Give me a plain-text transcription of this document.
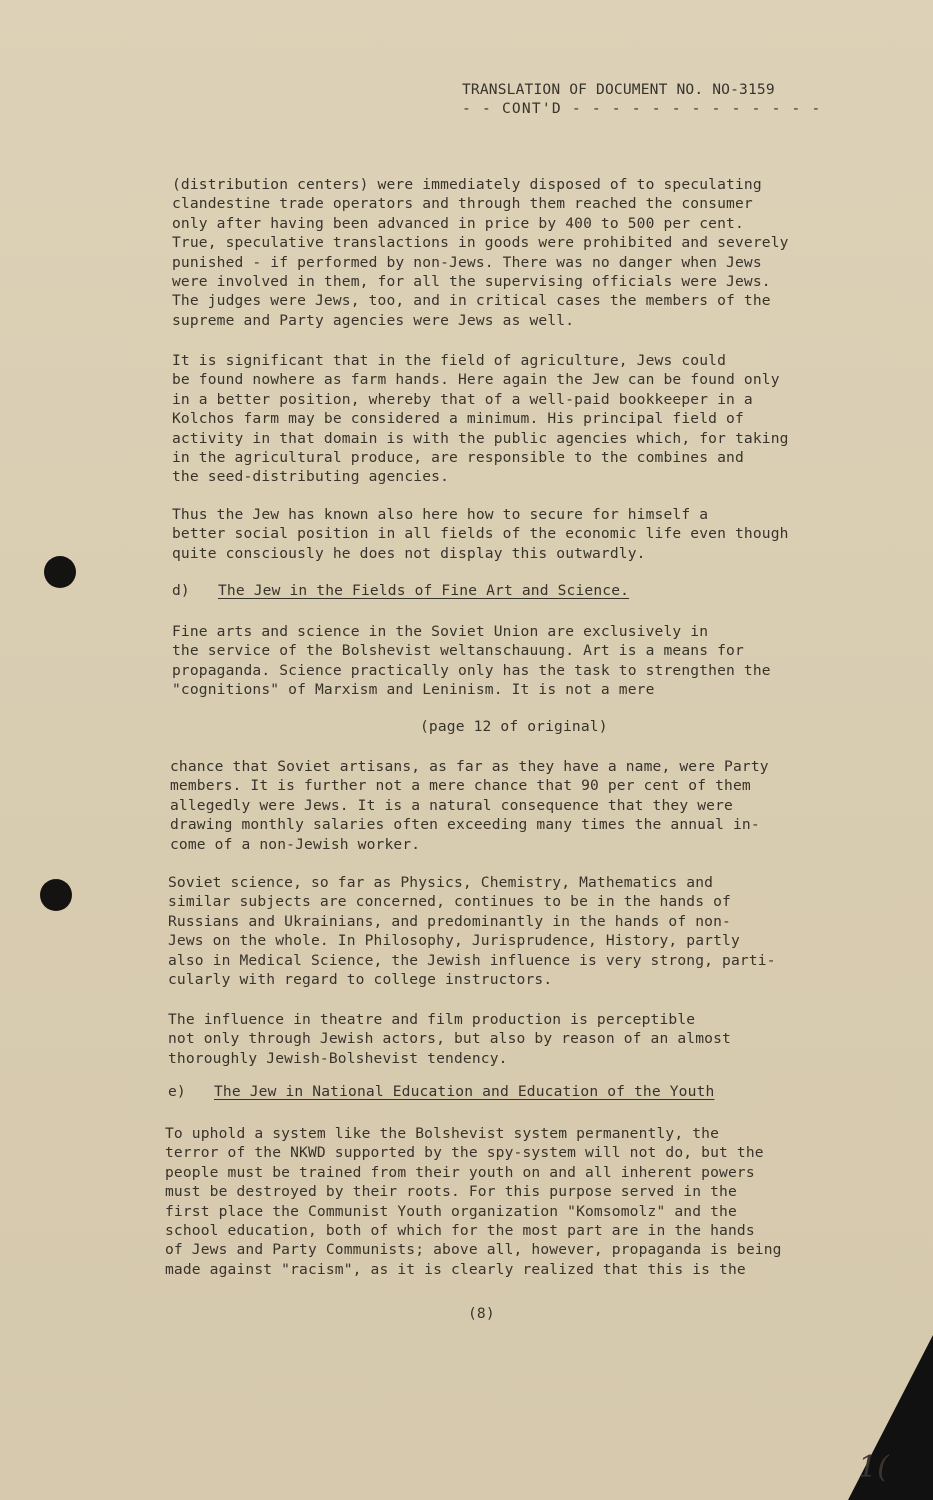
TRANSLATION OF DOCUMENT NO. NO-3159
- - CONT'D - - - - - - - - - - - - -
(distribution centers) were immediately disposed of to speculating
clandestine trade operators and through them reached the consumer
only after having been advanced in price by 400 to 500 per cent.
True, speculative translactions in goods were prohibited and severely
punished - if performed by non-Jews. There was no danger when Jews
were involved in them, for all the supervising officials were Jews.
The judges were Jews, too, and in critical cases the members of the
supreme and Party agencies were Jews as well.
It is significant that in the field of agriculture, Jews could
be found nowhere as farm hands. Here again the Jew can be found only
in a better position, whereby that of a well-paid bookkeeper in a
Kolchos farm may be considered a minimum. His principal field of
activity in that domain is with the public agencies which, for taking
in the agricultural produce, are responsible to the combines and
the seed-distributing agencies.
Thus the Jew has known also here how to secure for himself a
better social position in all fields of the economic life even though
quite consciously he does not display this outwardly.
d) The Jew in the Fields of Fine Art and Science.
Fine arts and science in the Soviet Union are exclusively in
the service of the Bolshevist weltanschauung. Art is a means for
propaganda. Science practically only has the task to strengthen the
"cognitions" of Marxism and Leninism. It is not a mere
(page 12 of original)
chance that Soviet artisans, as far as they have a name, were Party
members. It is further not a mere chance that 90 per cent of them
allegedly were Jews. It is a natural consequence that they were
drawing monthly salaries often exceeding many times the annual in-
come of a non-Jewish worker.
Soviet science, so far as Physics, Chemistry, Mathematics and
similar subjects are concerned, continues to be in the hands of
Russians and Ukrainians, and predominantly in the hands of non-
Jews on the whole. In Philosophy, Jurisprudence, History, partly
also in Medical Science, the Jewish influence is very strong, parti-
cularly with regard to college instructors.
The influence in theatre and film production is perceptible
not only through Jewish actors, but also by reason of an almost
thoroughly Jewish-Bolshevist tendency.
e) The Jew in National Education and Education of the Youth
To uphold a system like the Bolshevist system permanently, the
terror of the NKWD supported by the spy-system will not do, but the
people must be trained from their youth on and all inherent powers
must be destroyed by their roots. For this purpose served in the
first place the Communist Youth organization "Komsomolz" and the
school education, both of which for the most part are in the hands
of Jews and Party Communists; above all, however, propaganda is being
made against "racism", as it is clearly realized that this is the
(8)
1(
